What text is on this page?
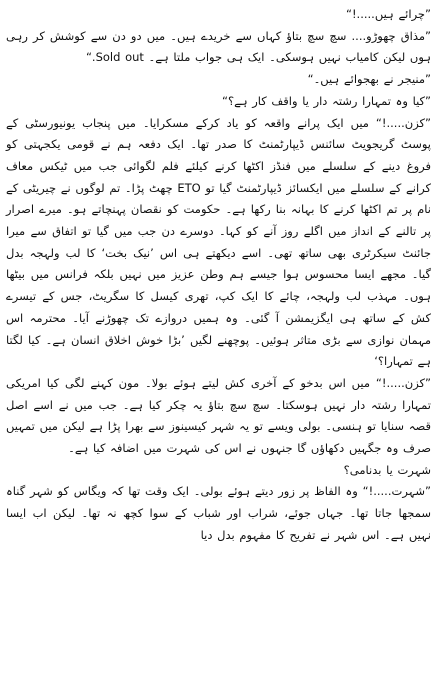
”چرائے ہیں.....!“

”مذاق چھوڑو.... سچ سچ بتاؤ کہاں سے خریدے ہیں۔ میں دو دن سے کوشش کر رہی ہوں لیکن کامیاب نہیں ہوسکی۔ ایک ہی جواب ملتا ہے۔ Sold out.“

”منیجر نے بھجوائے ہیں۔“

”کیا وہ تمہارا رشتہ دار یا واقف کار ہے؟“

”کزن.....!“ میں ایک پرانے واقعہ کو یاد کرکے مسکرایا۔ میں پنجاب یونیورسٹی کے پوسٹ گریجویٹ سائنس ڈیپارٹمنٹ کا صدر تھا۔ ایک دفعہ ہم نے قومی یکجہتی کو فروغ دینے کے سلسلے میں فنڈز اکٹھا کرنے کیلئے فلم لگوائی جب میں ٹیکس معاف کرانے کے سلسلے میں ایکسائز ڈیپارٹمنٹ گیا تو ETO چھٹ پڑا۔ تم لوگوں نے چیریٹی کے نام پر تم اکٹھا کرنے کا بہانہ بنا رکھا ہے۔ حکومت کو نقصان پہنچاتے ہو۔ میرے اصرار پر تالنے کے انداز میں اگلے روز آنے کو کہا۔ دوسرے دن جب میں گیا تو اتفاق سے میرا جائنٹ سیکرٹری بھی ساتھ تھی۔ اسے دیکھتے ہی اس ’نیک بخت‘ کا لب ولہجہ بدل گیا۔ مجھے ایسا محسوس ہوا جیسے ہم وطن عزیز میں نہیں بلکہ فرانس میں بیٹھا ہوں۔ مہذب لب ولہجہ، چائے کا ایک کپ، تھری کیسل کا سگریٹ، جس کے تیسرے کش کے ساتھ ہی ایگزیمشن آ گئی۔ وہ ہمیں دروازے تک چھوڑنے آیا۔ محترمہ اس مہمان نوازی سے بڑی متاثر ہوئیں۔ پوچھنے لگیں ’بڑا خوش اخلاق انسان ہے۔ کیا لگتا ہے تمہارا؟‘

”کزن.....!“ میں اس بدخو کے آخری کش لیتے ہوئے بولا۔ مون کہنے لگی کیا امریکی تمہارا رشتہ دار نہیں ہوسکتا۔ سچ سچ بتاؤ یہ چکر کیا ہے۔ جب میں نے اسے اصل قصہ سنایا تو ہنسی۔ بولی ویسے تو یہ شہر کیسینوز سے بھرا پڑا ہے لیکن میں تمہیں صرف وہ جگہیں دکھاؤں گا جنہوں نے اس کی شہرت میں اضافہ کیا ہے۔

شہرت یا بدنامی؟

”شہرت.....!“ وہ الفاظ پر زور دیتے ہوئے بولی۔ ایک وقت تھا کہ ویگاس کو شہر گناہ سمجھا جاتا تھا۔ جہاں جوئے، شراب اور شباب کے سوا کچھ نہ تھا۔ لیکن اب ایسا نہیں ہے۔ اس شہر نے تفریح کا مفہوم بدل دیا
